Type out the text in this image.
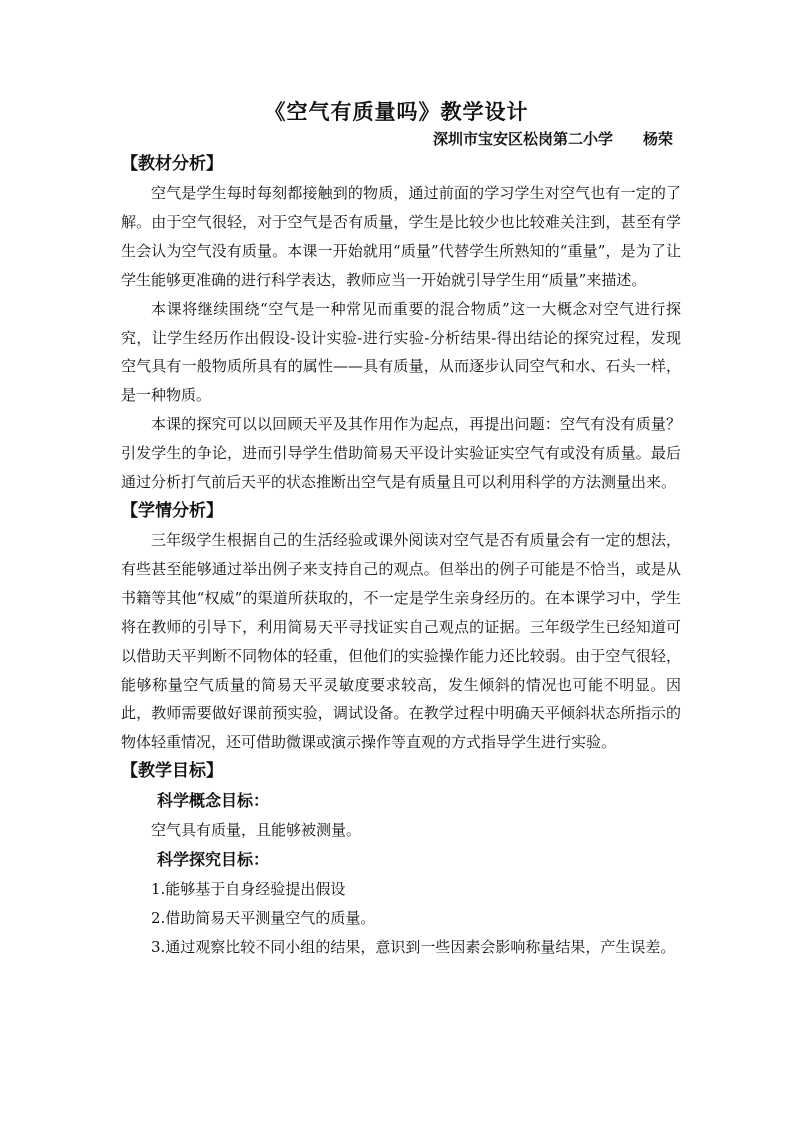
《空气有质量吗》教学设计
深圳市宝安区松岗第二小学　　杨荣
【教材分析】

空气是学生每时每刻都接触到的物质，通过前面的学习学生对空气也有一定的了解。由于空气很轻，对于空气是否有质量，学生是比较少也比较难关注到，甚至有学生会认为空气没有质量。本课一开始就用“质量”代替学生所熟知的“重量”，是为了让学生能够更准确的进行科学表达，教师应当一开始就引导学生用“质量”来描述。

本课将继续围绕“空气是一种常见而重要的混合物质”这一大概念对空气进行探究，让学生经历作出假设-设计实验-进行实验-分析结果-得出结论的探究过程，发现空气具有一般物质所具有的属性——具有质量，从而逐步认同空气和水、石头一样，是一种物质。

本课的探究可以以回顾天平及其作用作为起点，再提出问题：空气有没有质量？引发学生的争论，进而引导学生借助简易天平设计实验证实空气有或没有质量。最后通过分析打气前后天平的状态推断出空气是有质量且可以利用科学的方法测量出来。

【学情分析】

三年级学生根据自己的生活经验或课外阅读对空气是否有质量会有一定的想法，有些甚至能够通过举出例子来支持自己的观点。但举出的例子可能是不恰当，或是从书籍等其他“权威”的渠道所获取的，不一定是学生亲身经历的。在本课学习中，学生将在教师的引导下，利用简易天平寻找证实自己观点的证据。三年级学生已经知道可以借助天平判断不同物体的轻重，但他们的实验操作能力还比较弱。由于空气很轻，能够称量空气质量的简易天平灵敏度要求较高，发生倾斜的情况也可能不明显。因此，教师需要做好课前预实验，调试设备。在教学过程中明确天平倾斜状态所指示的物体轻重情况，还可借助微课或演示操作等直观的方式指导学生进行实验。

【教学目标】
科学概念目标：

空气具有质量，且能够被测量。

科学探究目标：

1.能够基于自身经验提出假设

2.借助简易天平测量空气的质量。

3.通过观察比较不同小组的结果，意识到一些因素会影响称量结果，产生误差。
